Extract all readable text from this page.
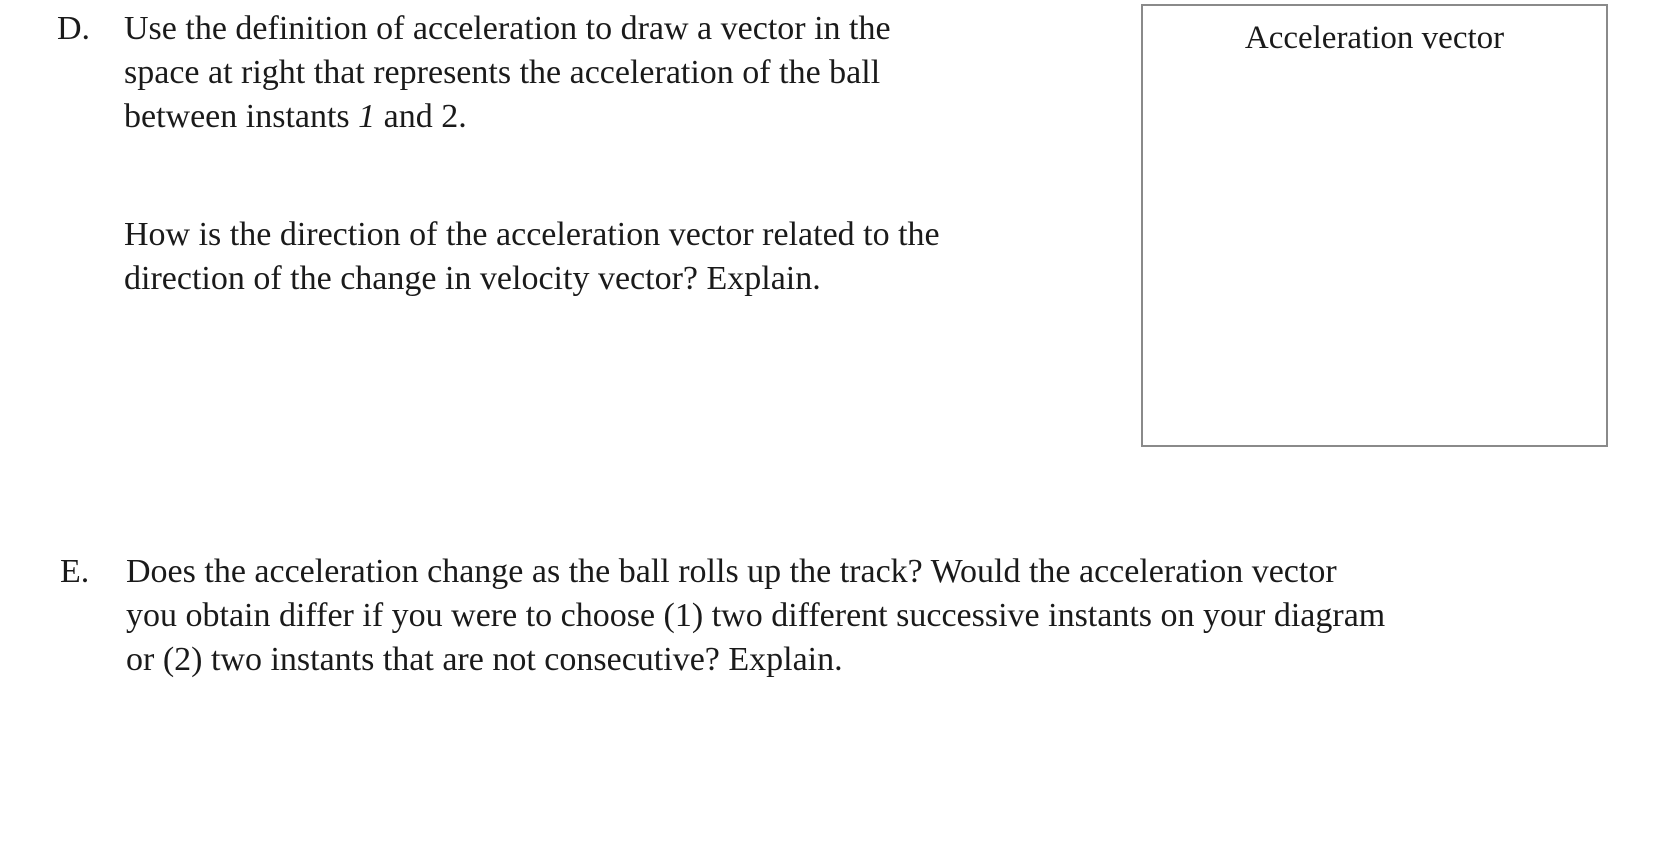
D. Use the definition of acceleration to draw a vector in the
space at right that represents the acceleration of the ball
between instants 1 and 2.
How is the direction of the acceleration vector related to the
direction of the change in velocity vector? Explain.
Acceleration vector
E. Does the acceleration change as the ball rolls up the track? Would the acceleration vector
you obtain differ if you were to choose (1) two different successive instants on your diagram
or (2) two instants that are not consecutive? Explain.
